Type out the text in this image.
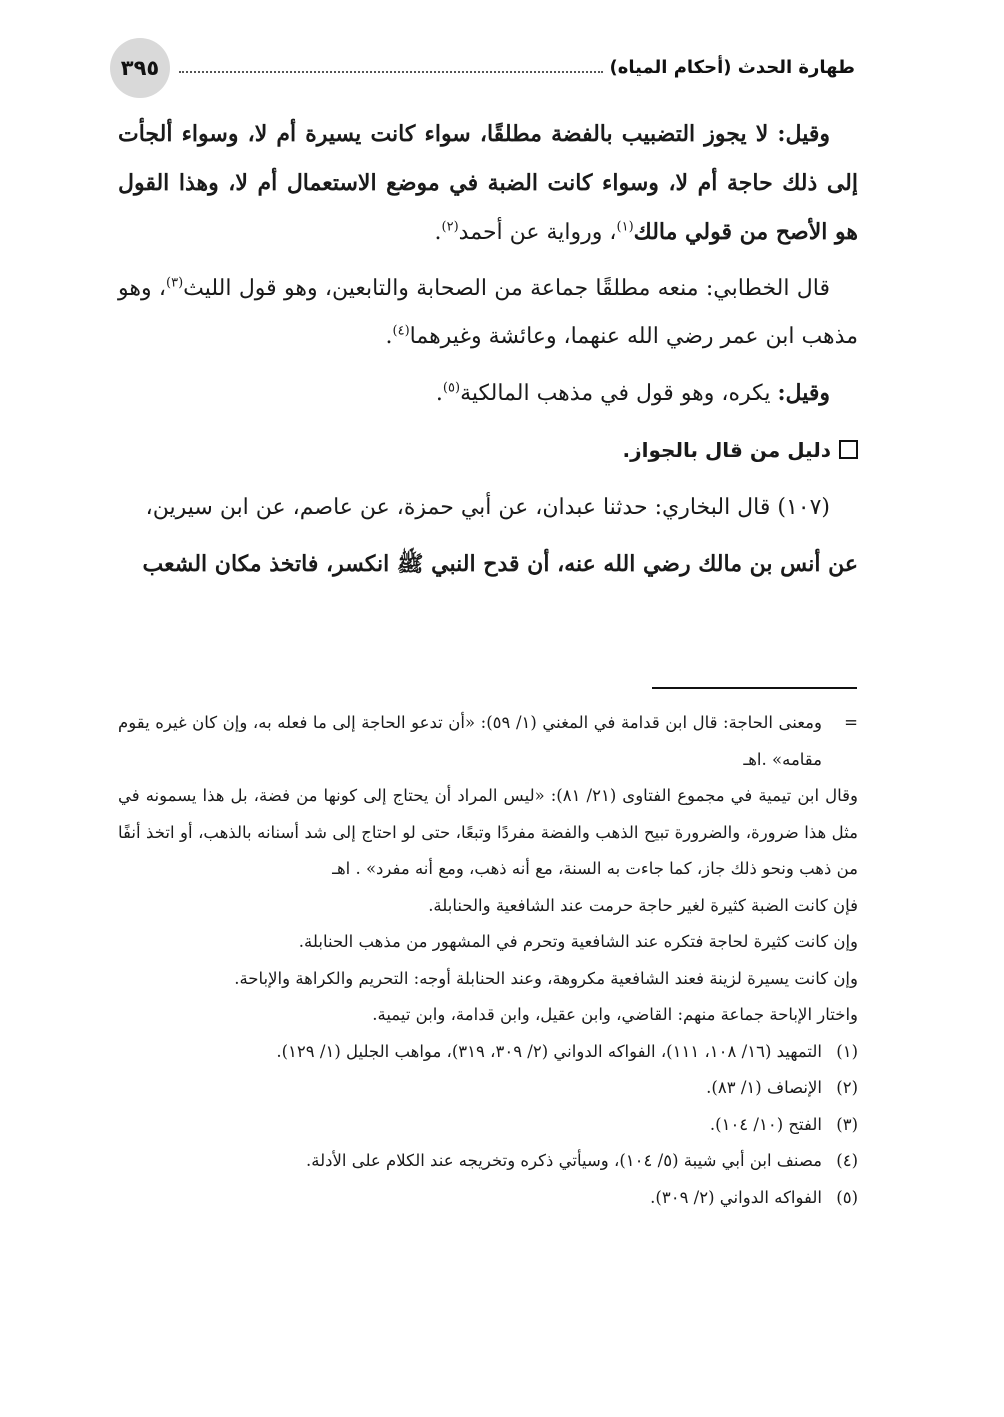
٣٩٥	طهارة الحدث (أحكام المياه)

وقيل: لا يجوز التضبيب بالفضة مطلقًا، سواء كانت يسيرة أم لا، وسواء ألجأت إلى ذلك حاجة أم لا، وسواء كانت الضبة في موضع الاستعمال أم لا، وهذا القول هو الأصح من قولي مالك$^{(١)}$، ورواية عن أحمد$^{(٢)}$.

قال الخطابي: منعه مطلقًا جماعة من الصحابة والتابعين، وهو قول الليث$^{(٣)}$، وهو مذهب ابن عمر رضي الله عنهما، وعائشة وغيرهما$^{(٤)}$.

وقيل: يكره، وهو قول في مذهب المالكية$^{(٥)}$.

دليل من قال بالجواز.

(١٠٧) قال البخاري: حدثنا عبدان، عن أبي حمزة، عن عاصم، عن ابن سيرين،

عن أنس بن مالك رضي الله عنه، أن قدح النبي ﷺ انكسر، فاتخذ مكان الشعب

=
ومعنى الحاجة: قال ابن قدامة في المغني (١/ ٥٩): «أن تدعو الحاجة إلى ما فعله به، وإن كان غيره يقوم مقامه» .اهـ

وقال ابن تيمية في مجموع الفتاوى (٢١/ ٨١): «ليس المراد أن يحتاج إلى كونها من فضة، بل هذا يسمونه في مثل هذا ضرورة، والضرورة تبيح الذهب والفضة مفردًا وتبعًا، حتى لو احتاج إلى شد أسنانه بالذهب، أو اتخذ أنفًا من ذهب ونحو ذلك جاز، كما جاءت به السنة، مع أنه ذهب، ومع أنه مفرد» . اهـ

فإن كانت الضبة كثيرة لغير حاجة حرمت عند الشافعية والحنابلة.

وإن كانت كثيرة لحاجة فتكره عند الشافعية وتحرم في المشهور من مذهب الحنابلة.

وإن كانت يسيرة لزينة فعند الشافعية مكروهة، وعند الحنابلة أوجه: التحريم والكراهة والإباحة.

واختار الإباحة جماعة منهم: القاضي، وابن عقيل، وابن قدامة، وابن تيمية.

(١)
التمهيد (١٦/ ١٠٨، ١١١)، الفواكه الدواني (٢/ ٣٠٩، ٣١٩)، مواهب الجليل (١/ ١٢٩).

(٢)
الإنصاف (١/ ٨٣).

(٣)
الفتح (١٠/ ١٠٤).

(٤)
مصنف ابن أبي شيبة (٥/ ١٠٤)، وسيأتي ذكره وتخريجه عند الكلام على الأدلة.

(٥)
الفواكه الدواني (٢/ ٣٠٩).
